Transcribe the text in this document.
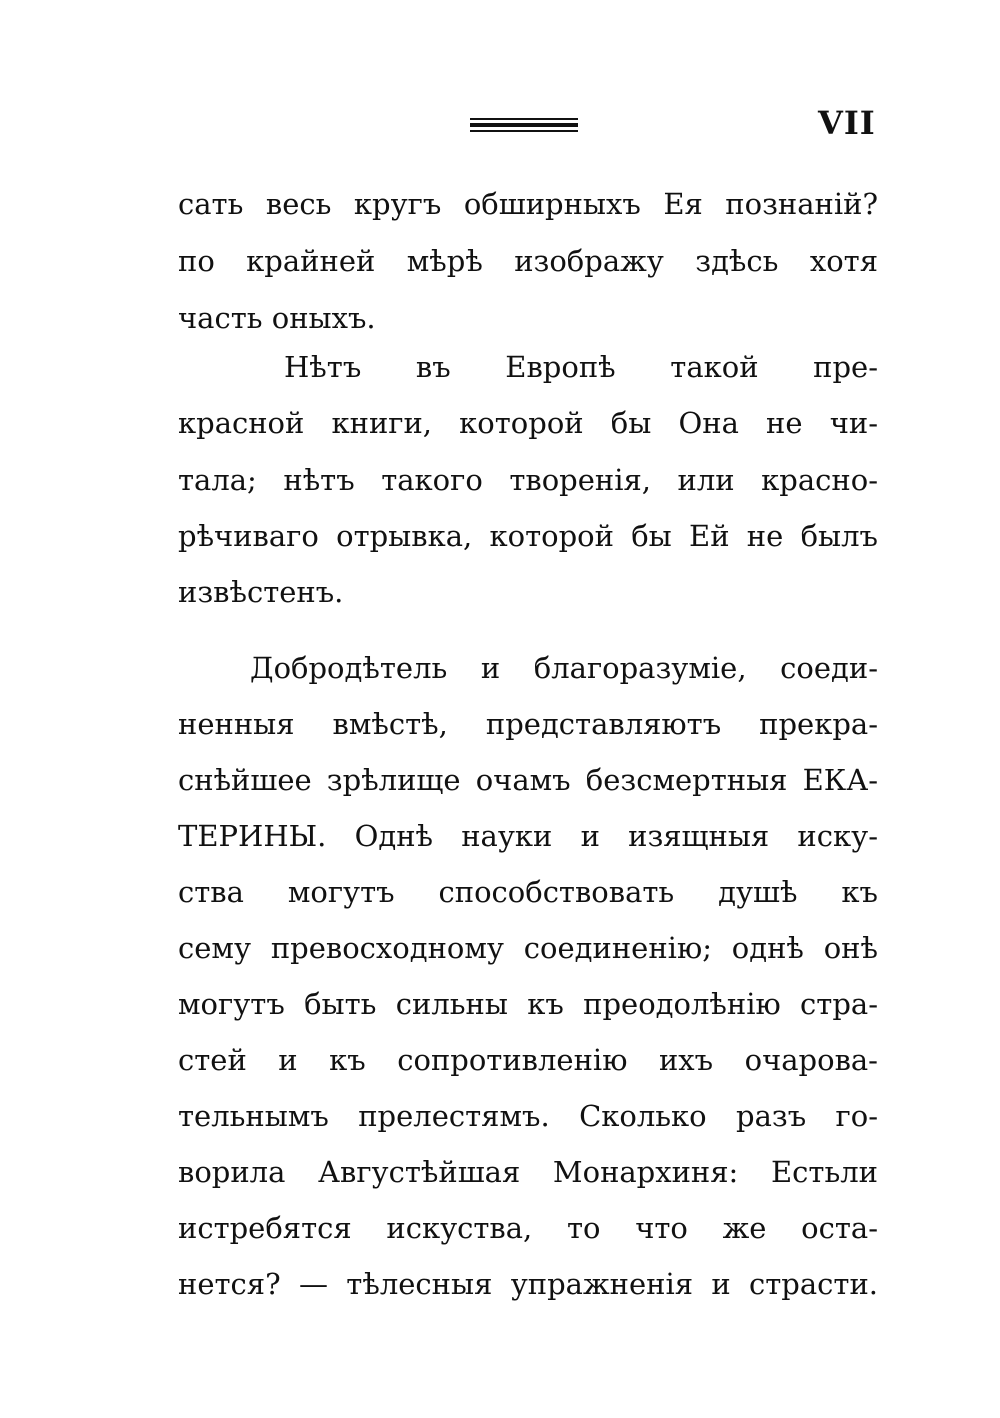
VII
сать весь кругъ обширныхъ Ея познаній?
по крайней мѣрѣ изображу здѣсь хотя
часть оныхъ.
Нѣтъ въ Европѣ такой пре-
красной книги, которой бы Она не чи-
тала; нѣтъ такого творенія, или красно-
рѣчиваго отрывка, которой бы Ей не былъ
извѣстенъ.
Добродѣтель и благоразуміе, соеди-
ненныя вмѣстѣ, представляютъ прекра-
снѣйшее зрѣлище очамъ безсмертныя ЕКА-
ТЕРИНЫ. Однѣ науки и изящныя иску-
ства могутъ способствовать душѣ къ
сему превосходному соединенію; однѣ онѣ
могутъ быть сильны къ преодолѣнію стра-
стей и къ сопротивленію ихъ очарова-
тельнымъ прелестямъ. Сколько разъ го-
ворила Августѣйшая Монархиня: Естьли
истребятся искуства, то что же оста-
нется? — тѣлесныя упражненія и страсти.
